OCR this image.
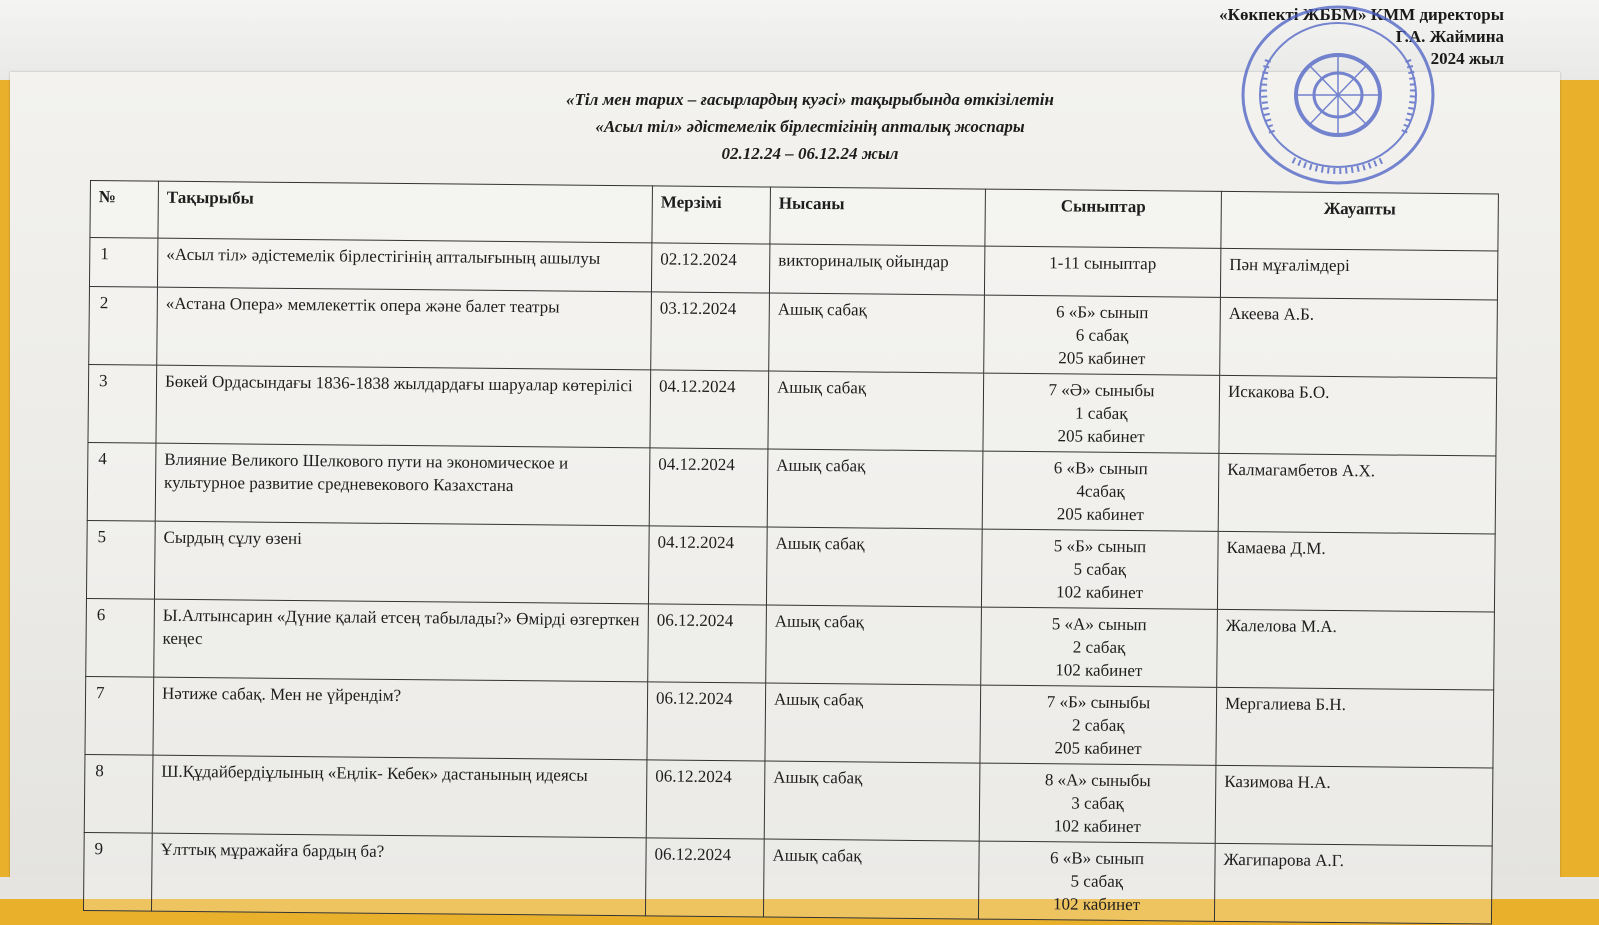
«Көкпекті ЖББМ» КММ директоры
Г.А. Жаймина
2024 жыл
«Тіл мен тарих – ғасырлардың куәсі» тақырыбында өткізілетін
«Асыл тіл» әдістемелік бірлестігінің апталық жоспары
02.12.24 – 06.12.24 жыл
№	Тақырыбы	Мерзімі	Нысаны	Сыныптар	Жауапты
1	«Асыл тіл» әдістемелік бірлестігінің апталығының ашылуы	02.12.2024	викториналық ойындар	1-11 сыныптар	Пән мұғалімдері
2	«Астана Опера» мемлекеттік опера және балет театры	03.12.2024	Ашық сабақ	6 «Б» сынып
6 сабақ
205 кабинет	Акеева А.Б.
3	Бөкей Ордасындағы 1836-1838 жылдардағы шаруалар көтерілісі	04.12.2024	Ашық сабақ	7 «Ә» сыныбы
1 сабақ
205 кабинет	Искакова Б.О.
4	Влияние Великого Шелкового пути на экономическое и культурное развитие средневекового Казахстана	04.12.2024	Ашық сабақ	6 «В» сынып
4сабақ
205 кабинет	Калмагамбетов А.Х.
5	Сырдың сұлу өзені	04.12.2024	Ашық сабақ	5 «Б» сынып
5 сабақ
102 кабинет	Камаева Д.М.
6	Ы.Алтынсарин «Дүние қалай етсең табылады?» Өмірді өзгерткен кеңес	06.12.2024	Ашық сабақ	5 «А» сынып
2 сабақ
102 кабинет	Жалелова М.А.
7	Нәтиже сабақ. Мен не үйрендім?	06.12.2024	Ашық сабақ	7 «Б» сыныбы
2 сабақ
205 кабинет	Мергалиева Б.Н.
8	Ш.Құдайбердіұлының «Еңлік- Кебек» дастанының идеясы	06.12.2024	Ашық сабақ	8 «А» сыныбы
3 сабақ
102 кабинет	Казимова Н.А.
9	Ұлттық мұражайға бардың ба?	06.12.2024	Ашық сабақ	6 «В» сынып
5 сабақ
102 кабинет	Жагипарова А.Г.
